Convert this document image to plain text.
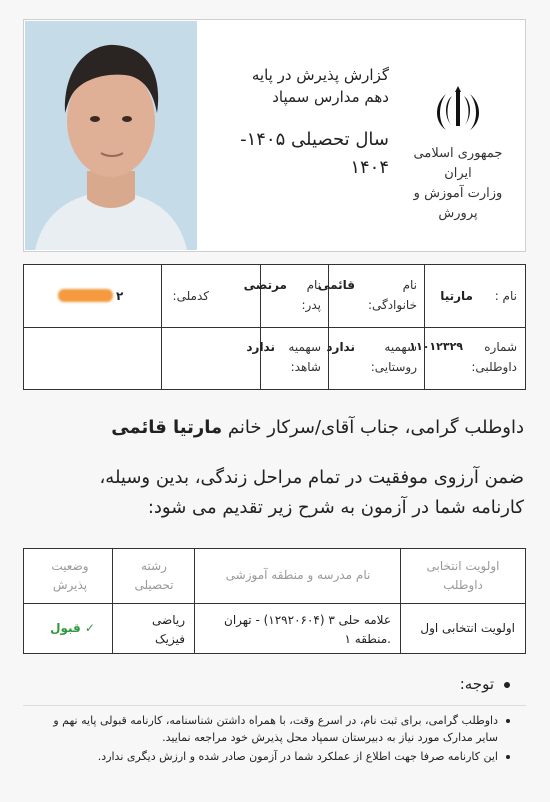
گزارش پذیرش در پایه
دهم مدارس سمپاد
سال تحصیلی ۱۴۰۵-
۱۴۰۴
جمهوری اسلامی ایران
وزارت آموزش و پرورش
نام :
مارتیا
نام خانوادگی:
قائمی
نام پدر:
مرتضی
کدملی:
۲
شماره داوطلبی:
۱۱۰۱۲۳۲۹
سهمیه روستایی:
ندارد
سهمیه شاهد:
ندارد
داوطلب گرامی، جناب آقای/سرکار خانم مارتیا قائمی
ضمن آرزوی موفقیت در تمام مراحل زندگی، بدین وسیله،
کارنامه شما در آزمون به شرح زیر تقدیم می شود:
اولویت انتخابی داوطلب
نام مدرسه و منطقه آموزشی
رشته تحصیلی
وضعیت پذیرش
اولویت انتخابی اول
علامه حلی ۳ (۱۲۹۲۰۶۰۴) - تهران
.منطقه ۱
ریاضی
فیزیک
✓ قبول
توجه:
داوطلب گرامی، برای ثبت نام، در اسرع وقت، با همراه داشتن شناسنامه، کارنامه قبولی پایه نهم و سایر مدارک مورد نیاز به دبیرستان سمپاد محل پذیرش خود مراجعه نمایید.
این کارنامه صرفا جهت اطلاع از عملکرد شما در آزمون صادر شده و ارزش دیگری ندارد.
